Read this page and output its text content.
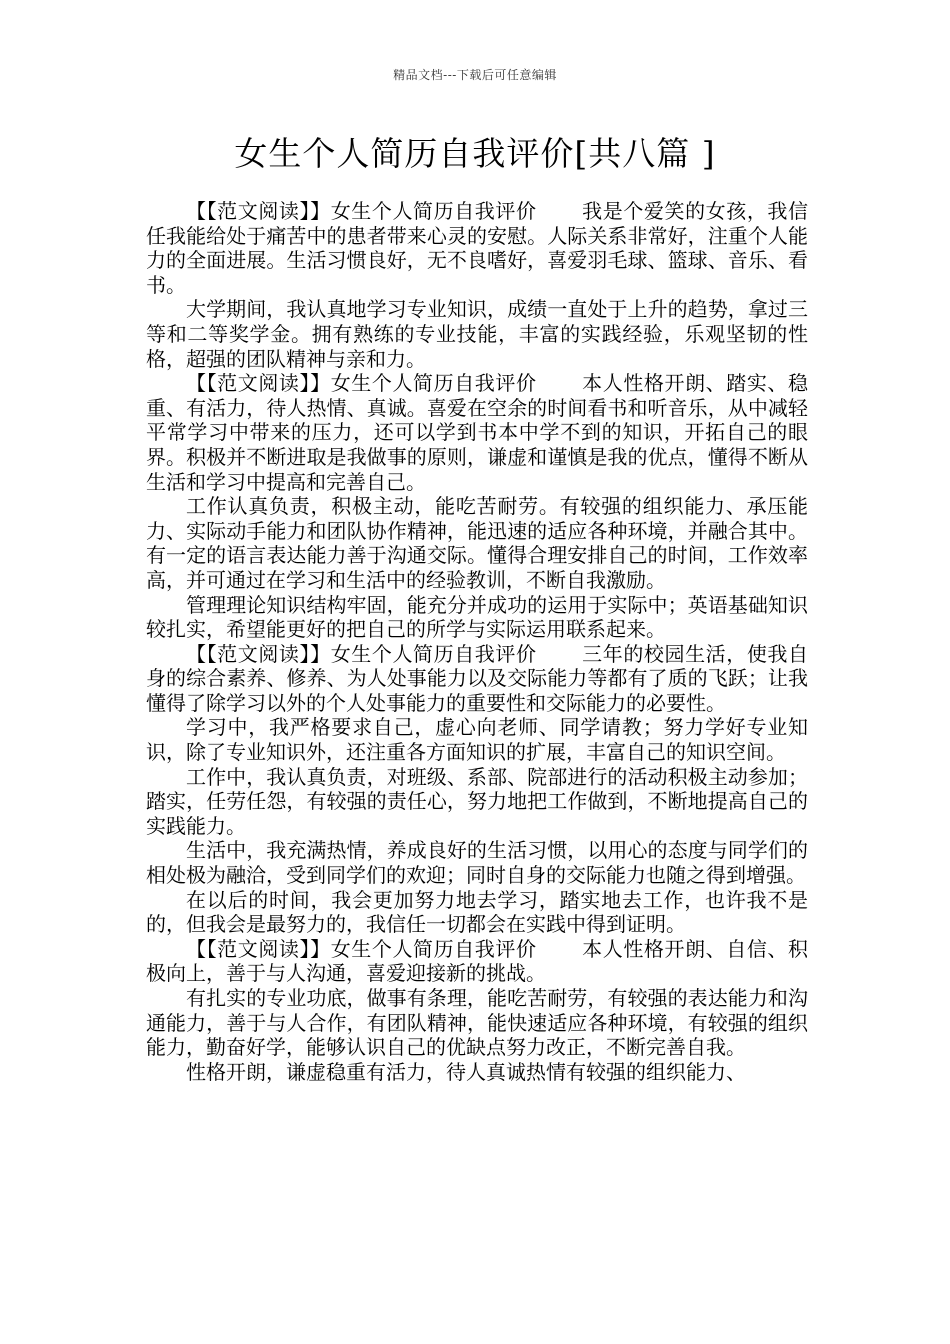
精品文档---下载后可任意编辑
女生个人简历自我评价[共八篇 ]

【【范文阅读】】女生个人简历自我评价 我是个爱笑的女孩，我信任我能给处于痛苦中的患者带来心灵的安慰。人际关系非常好，注重个人能力的全面进展。生活习惯良好，无不良嗜好，喜爱羽毛球、篮球、音乐、看书。

大学期间，我认真地学习专业知识，成绩一直处于上升的趋势，拿过三等和二等奖学金。拥有熟练的专业技能，丰富的实践经验，乐观坚韧的性格，超强的团队精神与亲和力。

【【范文阅读】】女生个人简历自我评价 本人性格开朗、踏实、稳重、有活力，待人热情、真诚。喜爱在空余的时间看书和听音乐，从中减轻平常学习中带来的压力，还可以学到书本中学不到的知识，开拓自己的眼界。积极并不断进取是我做事的原则，谦虚和谨慎是我的优点，懂得不断从生活和学习中提高和完善自己。

工作认真负责，积极主动，能吃苦耐劳。有较强的组织能力、承压能力、实际动手能力和团队协作精神，能迅速的适应各种环境，并融合其中。有一定的语言表达能力善于沟通交际。懂得合理安排自己的时间，工作效率高，并可通过在学习和生活中的经验教训，不断自我激励。

管理理论知识结构牢固，能充分并成功的运用于实际中；英语基础知识较扎实，希望能更好的把自己的所学与实际运用联系起来。

【【范文阅读】】女生个人简历自我评价 三年的校园生活，使我自身的综合素养、修养、为人处事能力以及交际能力等都有了质的飞跃；让我懂得了除学习以外的个人处事能力的重要性和交际能力的必要性。

学习中，我严格要求自己，虚心向老师、同学请教；努力学好专业知识，除了专业知识外，还注重各方面知识的扩展，丰富自己的知识空间。

工作中，我认真负责，对班级、系部、院部进行的活动积极主动参加；踏实，任劳任怨，有较强的责任心，努力地把工作做到，不断地提高自己的实践能力。

生活中，我充满热情，养成良好的生活习惯，以用心的态度与同学们的相处极为融洽，受到同学们的欢迎；同时自身的交际能力也随之得到增强。

在以后的时间，我会更加努力地去学习，踏实地去工作，也许我不是的，但我会是最努力的，我信任一切都会在实践中得到证明。

【【范文阅读】】女生个人简历自我评价 本人性格开朗、自信、积极向上，善于与人沟通，喜爱迎接新的挑战。

有扎实的专业功底，做事有条理，能吃苦耐劳，有较强的表达能力和沟通能力，善于与人合作，有团队精神，能快速适应各种环境，有较强的组织能力，勤奋好学，能够认识自己的优缺点努力改正，不断完善自我。

性格开朗，谦虚稳重有活力，待人真诚热情有较强的组织能力、
